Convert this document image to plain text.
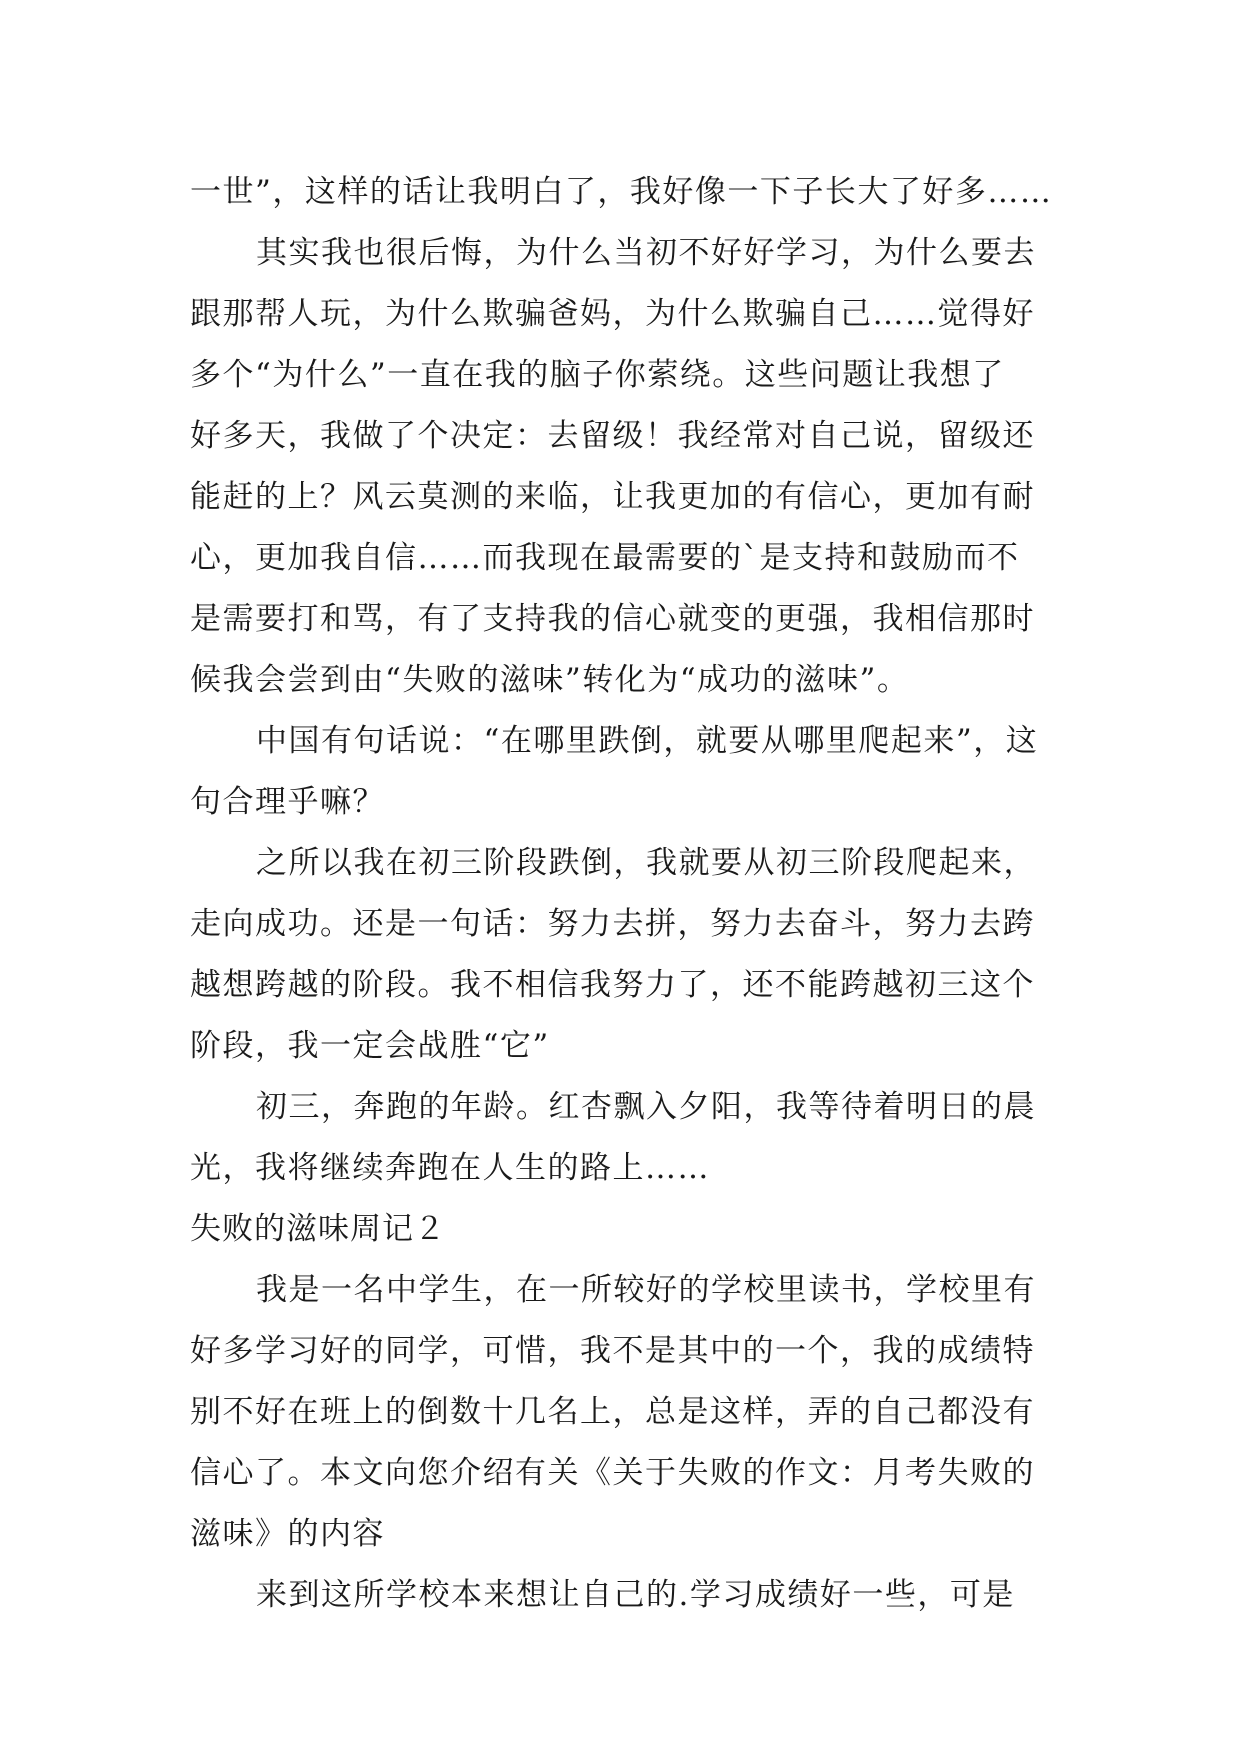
一世”，这样的话让我明白了，我好像一下子长大了好多……
其实我也很后悔，为什么当初不好好学习，为什么要去
跟那帮人玩，为什么欺骗爸妈，为什么欺骗自己……觉得好
多个“为什么”一直在我的脑子你萦绕。这些问题让我想了
好多天，我做了个决定：去留级！我经常对自己说，留级还
能赶的上？风云莫测的来临，让我更加的有信心，更加有耐
心，更加我自信……而我现在最需要的`是支持和鼓励而不
是需要打和骂，有了支持我的信心就变的更强，我相信那时
候我会尝到由“失败的滋味”转化为“成功的滋味”。
中国有句话说：“在哪里跌倒，就要从哪里爬起来”，这
句合理乎嘛？
之所以我在初三阶段跌倒，我就要从初三阶段爬起来，
走向成功。还是一句话：努力去拼，努力去奋斗，努力去跨
越想跨越的阶段。我不相信我努力了，还不能跨越初三这个
阶段，我一定会战胜“它”
初三，奔跑的年龄。红杏飘入夕阳，我等待着明日的晨
光，我将继续奔跑在人生的路上……
失败的滋味周记２
我是一名中学生，在一所较好的学校里读书，学校里有
好多学习好的同学，可惜，我不是其中的一个，我的成绩特
别不好在班上的倒数十几名上，总是这样，弄的自己都没有
信心了。本文向您介绍有关《关于失败的作文：月考失败的
滋味》的内容
来到这所学校本来想让自己的.学习成绩好一些，可是
